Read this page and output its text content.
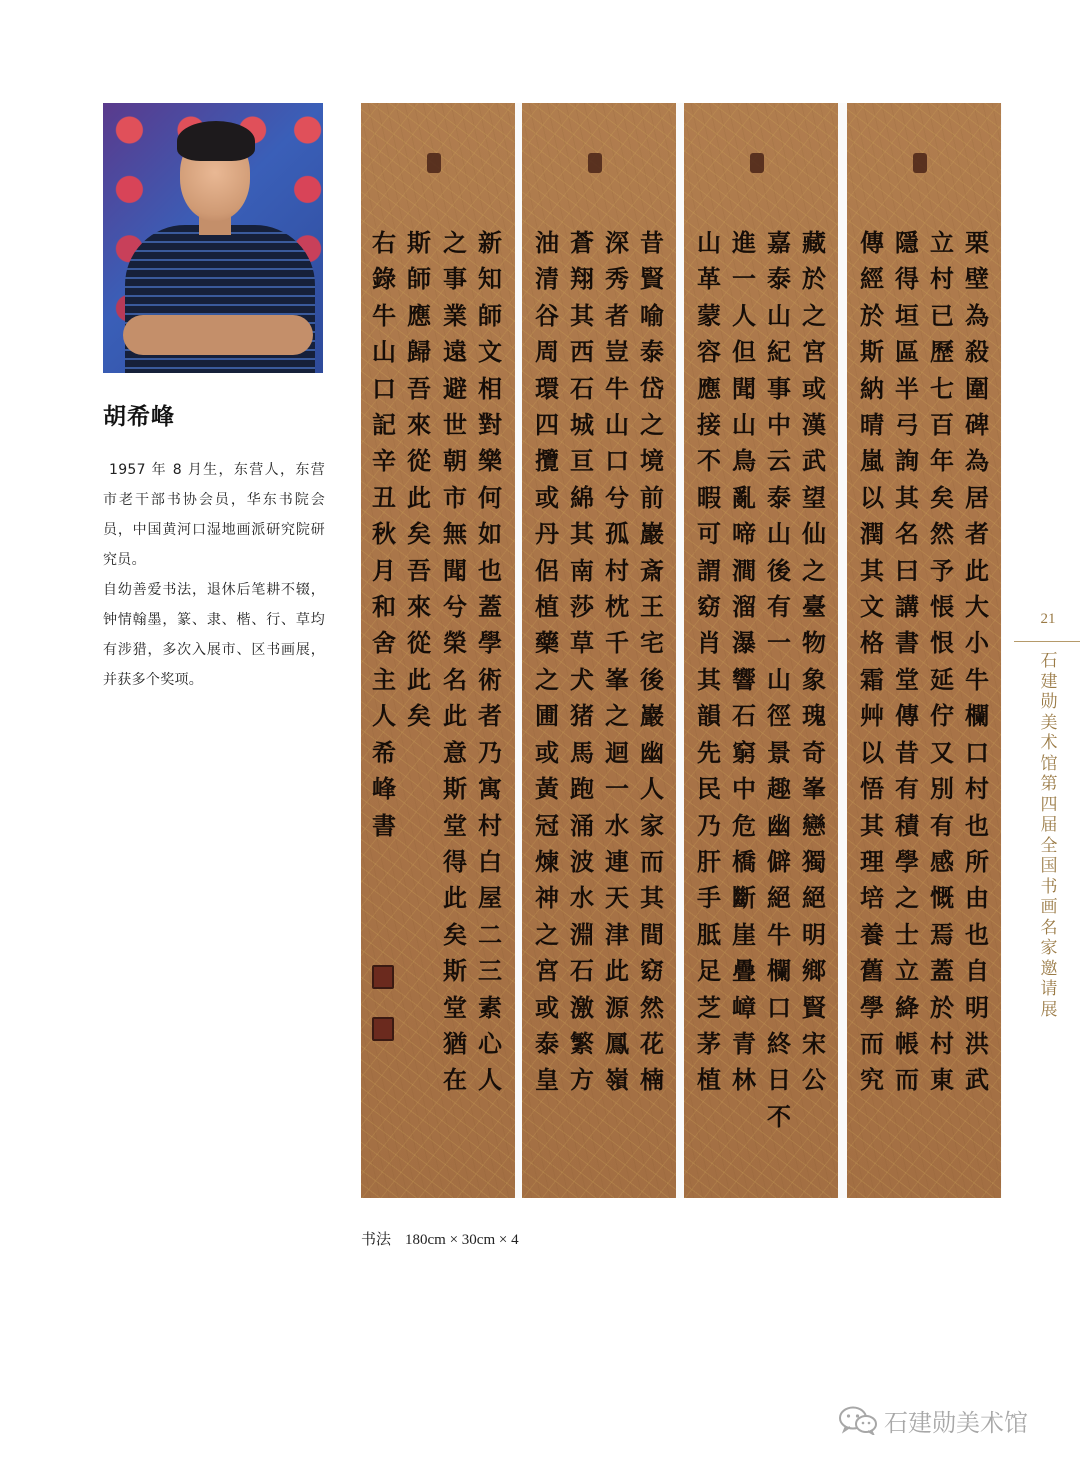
胡希峰

1957 年 8 月生，东营人，东营市老干部书协会员，华东书院会员，中国黄河口湿地画派研究院研究员。

自幼善爱书法，退休后笔耕不辍，钟情翰墨，篆、隶、楷、行、草均有涉猎，多次入展市、区书画展，并获多个奖项。

右錄牛山口記辛丑秋月和舍主人希峰書
斯師應歸吾來從此矣吾來從此矣
之事業遠避世朝市無聞兮榮名此意斯堂得此矣斯堂猶在
新知師文相對樂何如也蓋學術者乃寓村白屋二三素心人
油清谷周環四攬或丹侶植藥之圃或黃冠煉神之宮或泰皇
蒼翔其西石城亘綿其南莎草犬猪馬跑涌波水淵石激繁方
深秀者豈牛山口兮孤村枕千峯之迴一水連天津此源鳳嶺
昔賢喻泰岱之境前巖斎王宅後巖幽人家而其間窈然花楠
山革蒙容應接不暇可謂窈肖其韻先民乃肝手胝足芝茅植
進一人但聞山鳥亂啼澗溜瀑響石窮中危橋斷崖疊嶂青林
嘉泰山紀事中云泰山後有一山徑景趣幽僻絕牛欄口終日不
藏於之宮或漢武望仙之臺物象瑰奇峯戀獨絕明鄉賢宋公
傳經於斯納晴嵐以潤其文格霜艸以悟其理培養舊學而究
隱得垣區半弓詢其名曰講書堂傳昔有積學之士立絳帳而
立村已歷七百年矣然予悵恨延佇又別有感慨焉蓋於村東
栗壁為殺圍碑為居者此大小牛欄口村也所由也自明洪武
书法 180cm × 30cm × 4
21
石建勋美术馆第四届全国书画名家邀请展
石建勋美术馆
